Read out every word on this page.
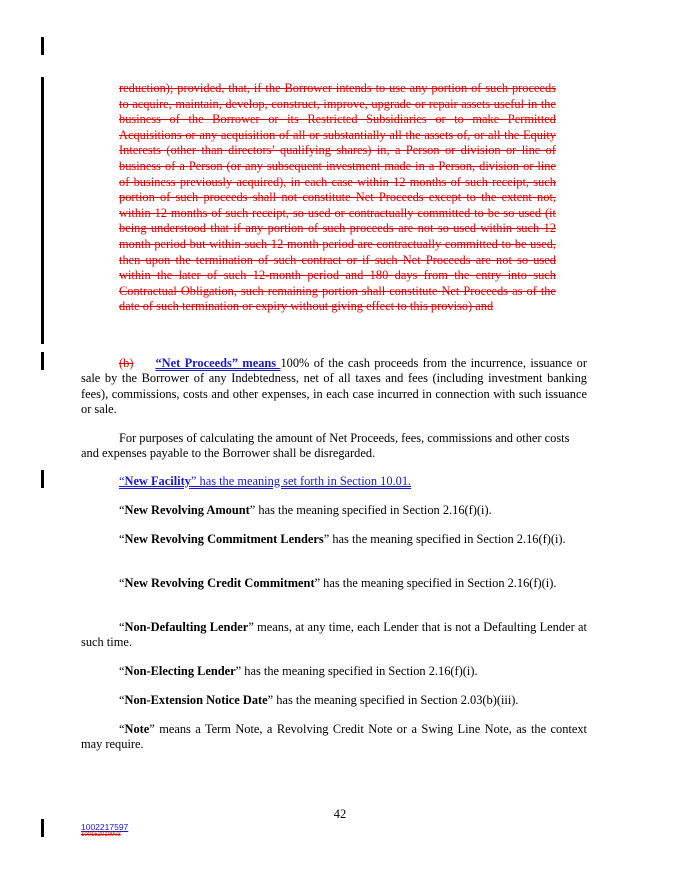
reduction); provided, that, if the Borrower intends to use any portion of such proceeds to acquire, maintain, develop, construct, improve, upgrade or repair assets useful in the business of the Borrower or its Restricted Subsidiaries or to make Permitted Acquisitions or any acquisition of all or substantially all the assets of, or all the Equity Interests (other than directors’ qualifying shares) in, a Person or division or line of business of a Person (or any subsequent investment made in a Person, division or line of business previously acquired), in each case within 12 months of such receipt, such portion of such proceeds shall not constitute Net Proceeds except to the extent not, within 12 months of such receipt, so used or contractually committed to be so used (it being understood that if any portion of such proceeds are not so used within such 12 month period but within such 12 month period are contractually committed to be used, then upon the termination of such contract or if such Net Proceeds are not so used within the later of such 12-month period and 180 days from the entry into such Contractual Obligation, such remaining portion shall constitute Net Proceeds as of the date of such termination or expiry without giving effect to this proviso) and

(b) “Net Proceeds” means 100% of the cash proceeds from the incurrence, issuance or sale by the Borrower of any Indebtedness, net of all taxes and fees (including investment banking fees), commissions, costs and other expenses, in each case incurred in connection with such issuance or sale.

For purposes of calculating the amount of Net Proceeds, fees, commissions and other costs and expenses payable to the Borrower shall be disregarded.

“New Facility” has the meaning set forth in Section 10.01.

“New Revolving Amount” has the meaning specified in Section 2.16(f)(i).

“New Revolving Commitment Lenders” has the meaning specified in Section 2.16(f)(i).

“New Revolving Credit Commitment” has the meaning specified in Section 2.16(f)(i).

“Non-Defaulting Lender” means, at any time, each Lender that is not a Defaulting Lender at such time.

“Non-Electing Lender” has the meaning specified in Section 2.16(f)(i).

“Non-Extension Notice Date” has the meaning specified in Section 2.03(b)(iii).

“Note” means a Term Note, a Revolving Credit Note or a Swing Line Note, as the context may require.

42
1002217597
1001520109v3
